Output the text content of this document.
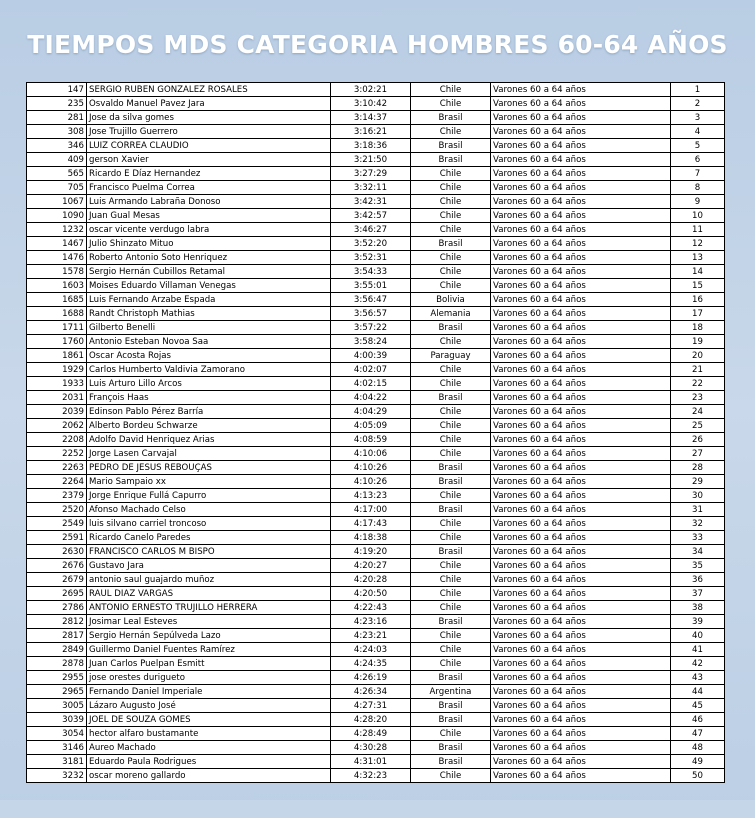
TIEMPOS MDS CATEGORIA HOMBRES 60-64 AÑOS
147	SERGIO RUBEN GONZALEZ ROSALES	3:02:21	Chile	Varones 60 a 64 años	1
235	Osvaldo Manuel Pavez Jara	3:10:42	Chile	Varones 60 a 64 años	2
281	Jose da silva gomes	3:14:37	Brasil	Varones 60 a 64 años	3
308	Jose Trujillo Guerrero	3:16:21	Chile	Varones 60 a 64 años	4
346	LUIZ CORREA CLAUDIO	3:18:36	Brasil	Varones 60 a 64 años	5
409	gerson Xavier	3:21:50	Brasil	Varones 60 a 64 años	6
565	Ricardo E Díaz Hernandez	3:27:29	Chile	Varones 60 a 64 años	7
705	Francisco Puelma Correa	3:32:11	Chile	Varones 60 a 64 años	8
1067	Luis Armando Labraña Donoso	3:42:31	Chile	Varones 60 a 64 años	9
1090	Juan Gual Mesas	3:42:57	Chile	Varones 60 a 64 años	10
1232	oscar vicente verdugo labra	3:46:27	Chile	Varones 60 a 64 años	11
1467	Julio Shinzato Mituo	3:52:20	Brasil	Varones 60 a 64 años	12
1476	Roberto Antonio Soto Henriquez	3:52:31	Chile	Varones 60 a 64 años	13
1578	Sergio Hernán Cubillos Retamal	3:54:33	Chile	Varones 60 a 64 años	14
1603	Moises Eduardo Villaman Venegas	3:55:01	Chile	Varones 60 a 64 años	15
1685	Luis Fernando Arzabe Espada	3:56:47	Bolivia	Varones 60 a 64 años	16
1688	Randt Christoph Mathias	3:56:57	Alemania	Varones 60 a 64 años	17
1711	Gilberto Benelli	3:57:22	Brasil	Varones 60 a 64 años	18
1760	Antonio Esteban Novoa Saa	3:58:24	Chile	Varones 60 a 64 años	19
1861	Oscar Acosta Rojas	4:00:39	Paraguay	Varones 60 a 64 años	20
1929	Carlos Humberto Valdivia Zamorano	4:02:07	Chile	Varones 60 a 64 años	21
1933	Luis Arturo Lillo Arcos	4:02:15	Chile	Varones 60 a 64 años	22
2031	François Haas	4:04:22	Brasil	Varones 60 a 64 años	23
2039	Edinson Pablo Pérez Barría	4:04:29	Chile	Varones 60 a 64 años	24
2062	Alberto Bordeu Schwarze	4:05:09	Chile	Varones 60 a 64 años	25
2208	Adolfo David Henriquez Arias	4:08:59	Chile	Varones 60 a 64 años	26
2252	Jorge Lasen Carvajal	4:10:06	Chile	Varones 60 a 64 años	27
2263	PEDRO DE JESUS REBOUÇAS	4:10:26	Brasil	Varones 60 a 64 años	28
2264	Mario Sampaio xx	4:10:26	Brasil	Varones 60 a 64 años	29
2379	Jorge Enrique Fullá Capurro	4:13:23	Chile	Varones 60 a 64 años	30
2520	Afonso Machado Celso	4:17:00	Brasil	Varones 60 a 64 años	31
2549	luis silvano carriel troncoso	4:17:43	Chile	Varones 60 a 64 años	32
2591	Ricardo Canelo Paredes	4:18:38	Chile	Varones 60 a 64 años	33
2630	FRANCISCO CARLOS M BISPO	4:19:20	Brasil	Varones 60 a 64 años	34
2676	Gustavo Jara	4:20:27	Chile	Varones 60 a 64 años	35
2679	antonio saul guajardo muñoz	4:20:28	Chile	Varones 60 a 64 años	36
2695	RAUL DIAZ VARGAS	4:20:50	Chile	Varones 60 a 64 años	37
2786	ANTONIO ERNESTO TRUJILLO HERRERA	4:22:43	Chile	Varones 60 a 64 años	38
2812	Josimar Leal Esteves	4:23:16	Brasil	Varones 60 a 64 años	39
2817	Sergio Hernán Sepúlveda Lazo	4:23:21	Chile	Varones 60 a 64 años	40
2849	Guillermo Daniel Fuentes Ramírez	4:24:03	Chile	Varones 60 a 64 años	41
2878	Juan Carlos Puelpan Esmitt	4:24:35	Chile	Varones 60 a 64 años	42
2955	jose orestes durigueto	4:26:19	Brasil	Varones 60 a 64 años	43
2965	Fernando Daniel Imperiale	4:26:34	Argentina	Varones 60 a 64 años	44
3005	Lázaro Augusto José	4:27:31	Brasil	Varones 60 a 64 años	45
3039	JOEL DE SOUZA GOMES	4:28:20	Brasil	Varones 60 a 64 años	46
3054	hector alfaro bustamante	4:28:49	Chile	Varones 60 a 64 años	47
3146	Aureo Machado	4:30:28	Brasil	Varones 60 a 64 años	48
3181	Eduardo Paula Rodrigues	4:31:01	Brasil	Varones 60 a 64 años	49
3232	oscar moreno gallardo	4:32:23	Chile	Varones 60 a 64 años	50
